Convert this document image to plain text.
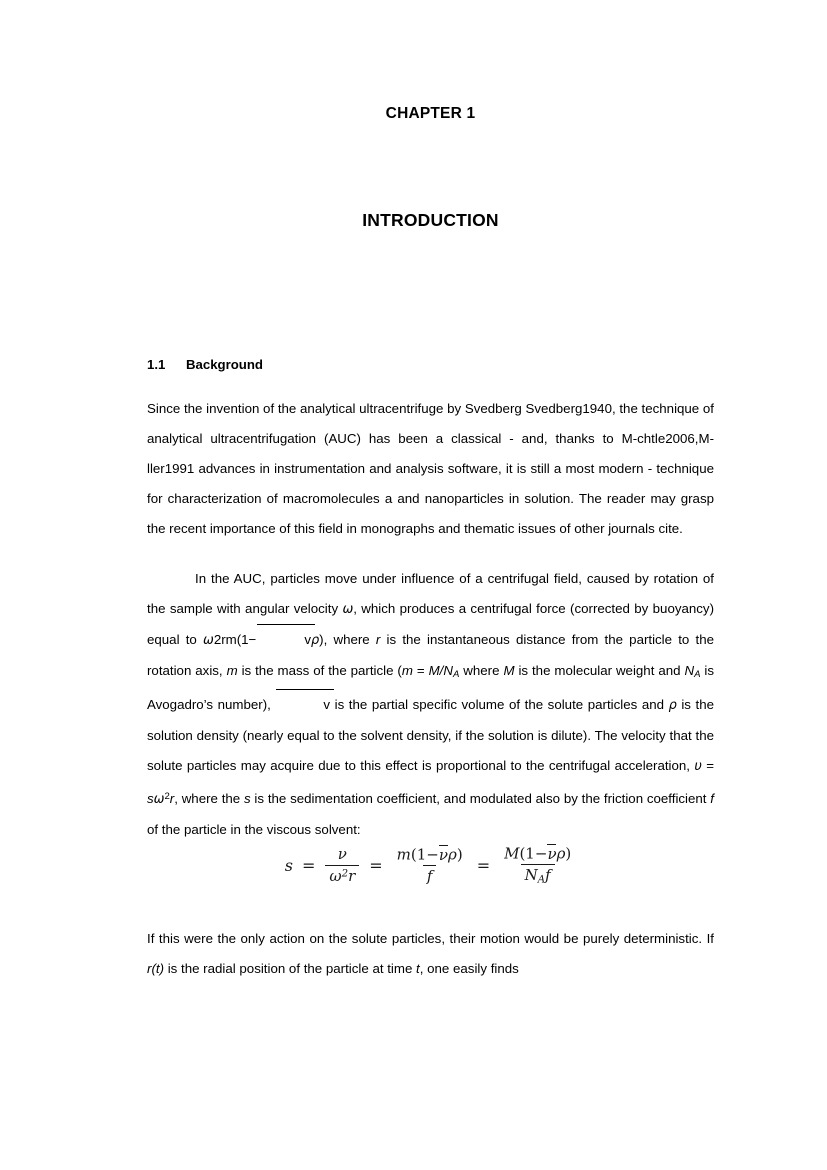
CHAPTER 1
INTRODUCTION
1.1 Background

Since the invention of the analytical ultracentrifuge by Svedberg Svedberg1940, the technique of analytical ultracentrifugation (AUC) has been a classical - and, thanks to M-chtle2006,M-ller1991 advances in instrumentation and analysis software, it is still a most modern - technique for characterization of macromolecules a and nanoparticles in solution. The reader may grasp the recent importance of this field in monographs and thematic issues of other journals cite.

In the AUC, particles move under influence of a centrifugal field, caused by rotation of the sample with angular velocity ω, which produces a centrifugal force (corrected by buoyancy) equal to ω2rm(1−	vρ), where r is the instantaneous distance from the particle to the rotation axis, m is the mass of the particle ($m = M/N_A$ where M is the molecular weight and $N_A$ is Avogadro’s number),	v is the partial specific volume of the solute particles and ρ is the solution density (nearly equal to the solvent density, if the solution is dilute). The velocity that the solute particles may acquire due to this effect is proportional to the centrifugal acceleration, $\upsilon = s\omega^2r$, where the s is the sedimentation coefficient, and modulated also by the friction coefficient f of the particle in the viscous solvent:

$s = \frac{\nu}{\omega^2r} = \frac{m(1-\nu\rho)}{f} = \frac{M(1-\nu\rho)}{\text{NAf}}$

If this were the only action on the solute particles, their motion would be purely deterministic. If r(t) is the radial position of the particle at time t, one easily finds
